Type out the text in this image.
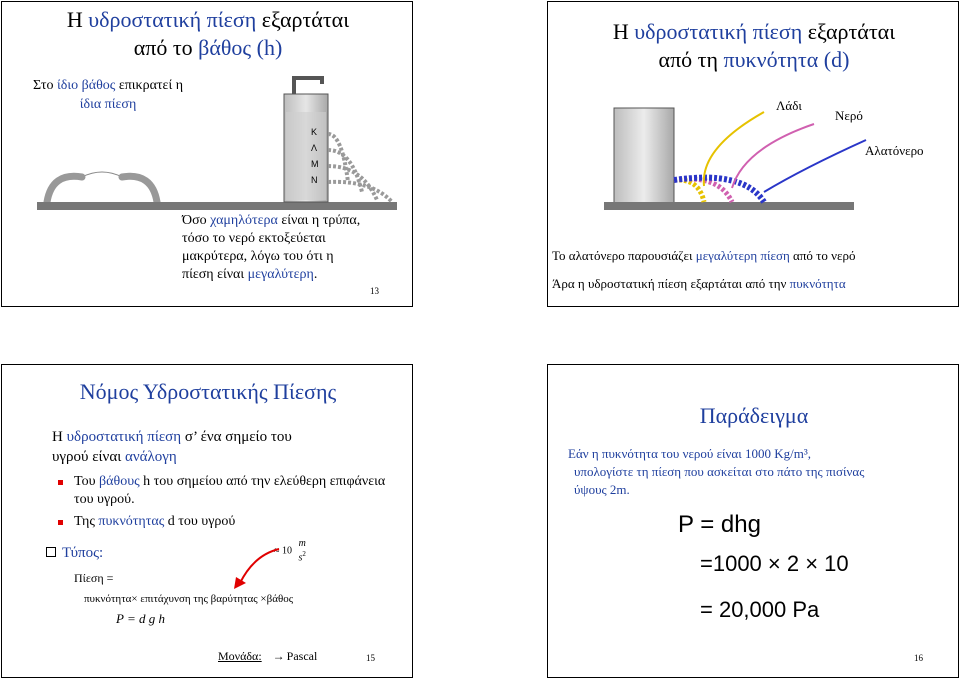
Η υδροστατική πίεση εξαρτάται
από το βάθος (h)
Στο ίδιο βάθος επικρατεί η
ίδια πίεση
K
Λ
M
N
Όσο χαμηλότερα είναι η τρύπα,
τόσο το νερό εκτοξεύεται
μακρύτερα, λόγω του ότι η
πίεση είναι μεγαλύτερη.
13
Η υδροστατική πίεση εξαρτάται
από τη πυκνότητα (d)
Λάδι
Νερό
Αλατόνερο
Το αλατόνερο παρουσιάζει μεγαλύτερη πίεση από το νερό
Άρα η υδροστατική πίεση εξαρτάται από την πυκνότητα
Νόμος Υδροστατικής Πίεσης
Η υδροστατική πίεση σ’ ένα σημείο του
υγρού είναι ανάλογη
Του βάθους h του σημείου από την ελεύθερη επιφάνεια του υγρού.
Της πυκνότητας d του υγρού
Τύπος:	≈ 10 m
$s^2$
Πίεση =
πυκνότητα× επιτάχυνση της βαρύτητας ×βάθος
P = d g h
Μονάδα: → Pascal	15
Παράδειγμα
Εάν η πυκνότητα του νερού είναι 1000 Kg/m³,
υπολογίστε τη πίεση που ασκείται στο πάτο της πισίνας
ύψους 2m.
P = dhg
=1000 × 2 × 10
= 20,000 Pa
16
